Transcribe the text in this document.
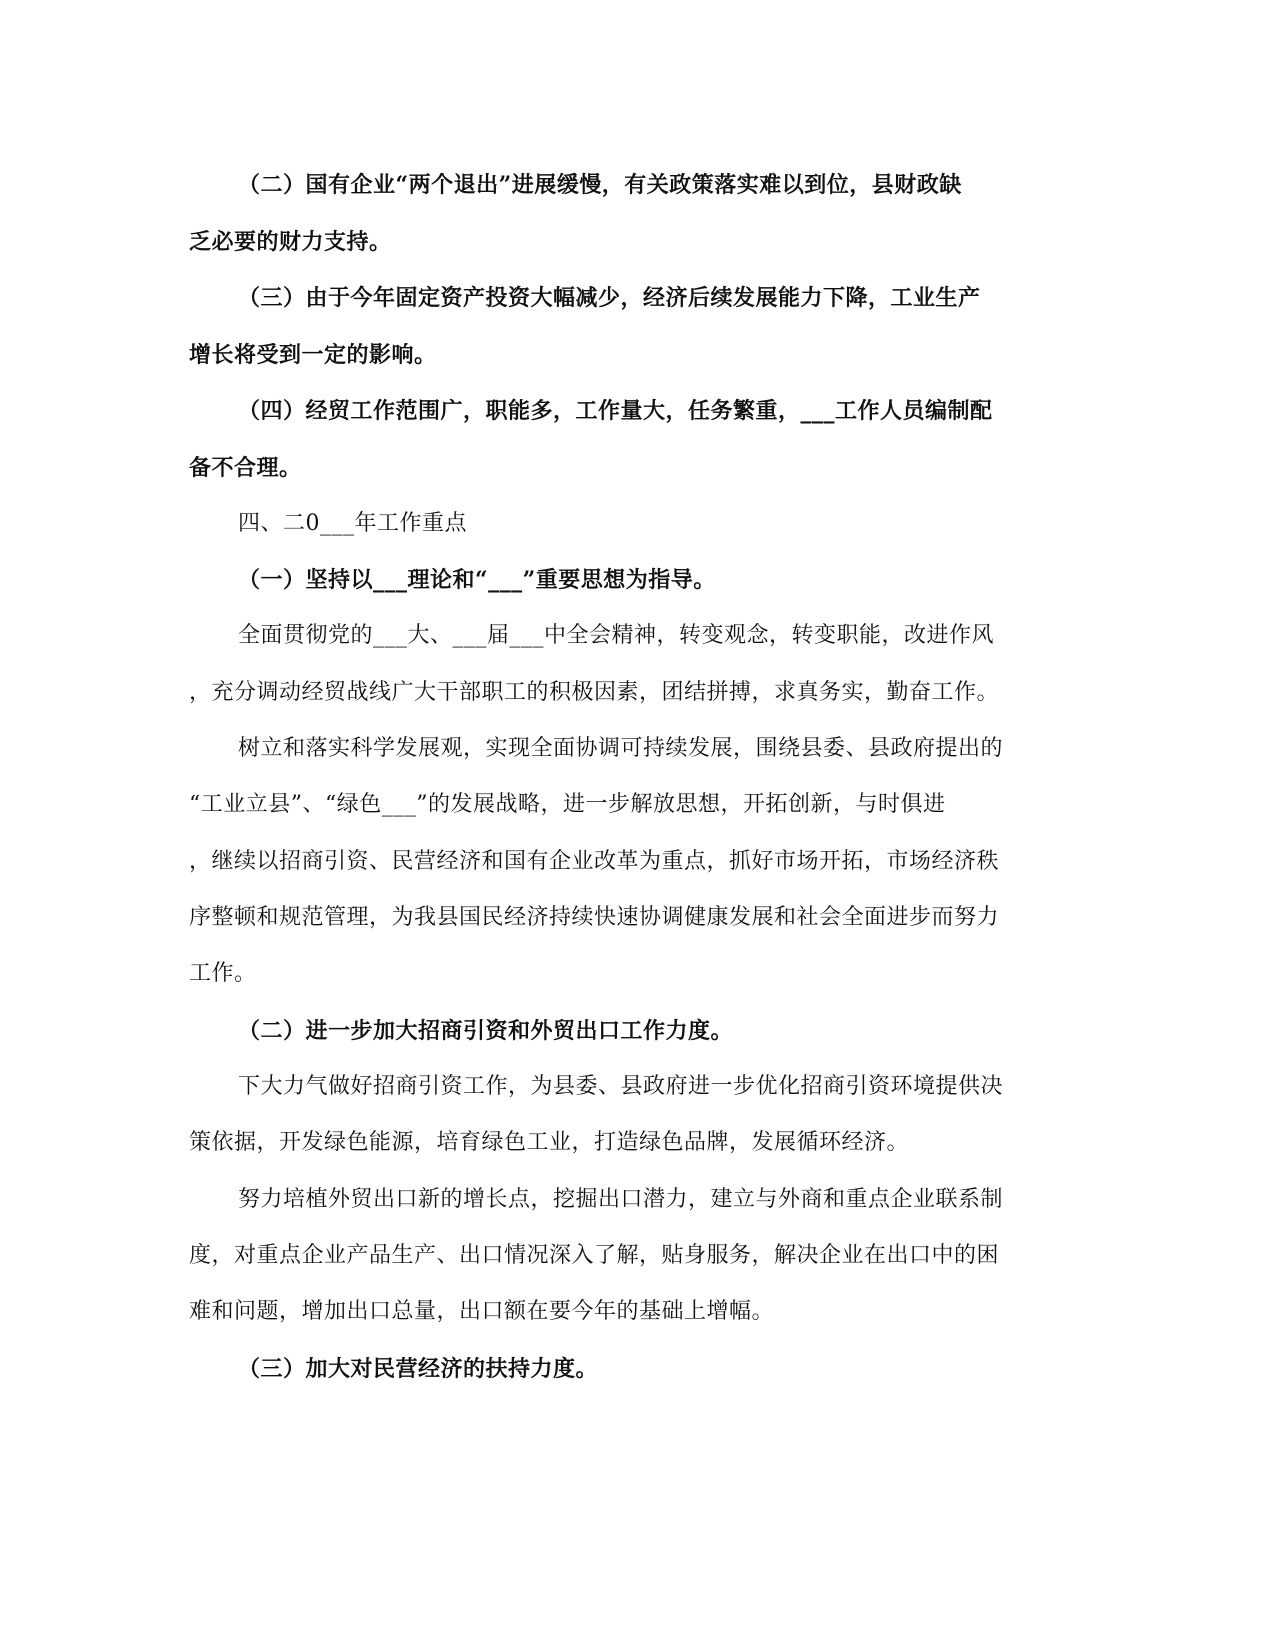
（二）国有企业“两个退出”进展缓慢，有关政策落实难以到位，县财政缺
乏必要的财力支持。
（三）由于今年固定资产投资大幅减少，经济后续发展能力下降，工业生产
增长将受到一定的影响。
（四）经贸工作范围广，职能多，工作量大，任务繁重，___工作人员编制配
备不合理。
四、二0___年工作重点
（一）坚持以___理论和“___”重要思想为指导。
全面贯彻党的___大、___届___中全会精神，转变观念，转变职能，改进作风
，充分调动经贸战线广大干部职工的积极因素，团结拼搏，求真务实，勤奋工作。
树立和落实科学发展观，实现全面协调可持续发展，围绕县委、县政府提出的
“工业立县”、“绿色___”的发展战略，进一步解放思想，开拓创新，与时俱进
，继续以招商引资、民营经济和国有企业改革为重点，抓好市场开拓，市场经济秩
序整顿和规范管理，为我县国民经济持续快速协调健康发展和社会全面进步而努力
工作。
（二）进一步加大招商引资和外贸出口工作力度。
下大力气做好招商引资工作，为县委、县政府进一步优化招商引资环境提供决
策依据，开发绿色能源，培育绿色工业，打造绿色品牌，发展循环经济。
努力培植外贸出口新的增长点，挖掘出口潜力，建立与外商和重点企业联系制
度，对重点企业产品生产、出口情况深入了解，贴身服务，解决企业在出口中的困
难和问题，增加出口总量，出口额在要今年的基础上增幅。
（三）加大对民营经济的扶持力度。
